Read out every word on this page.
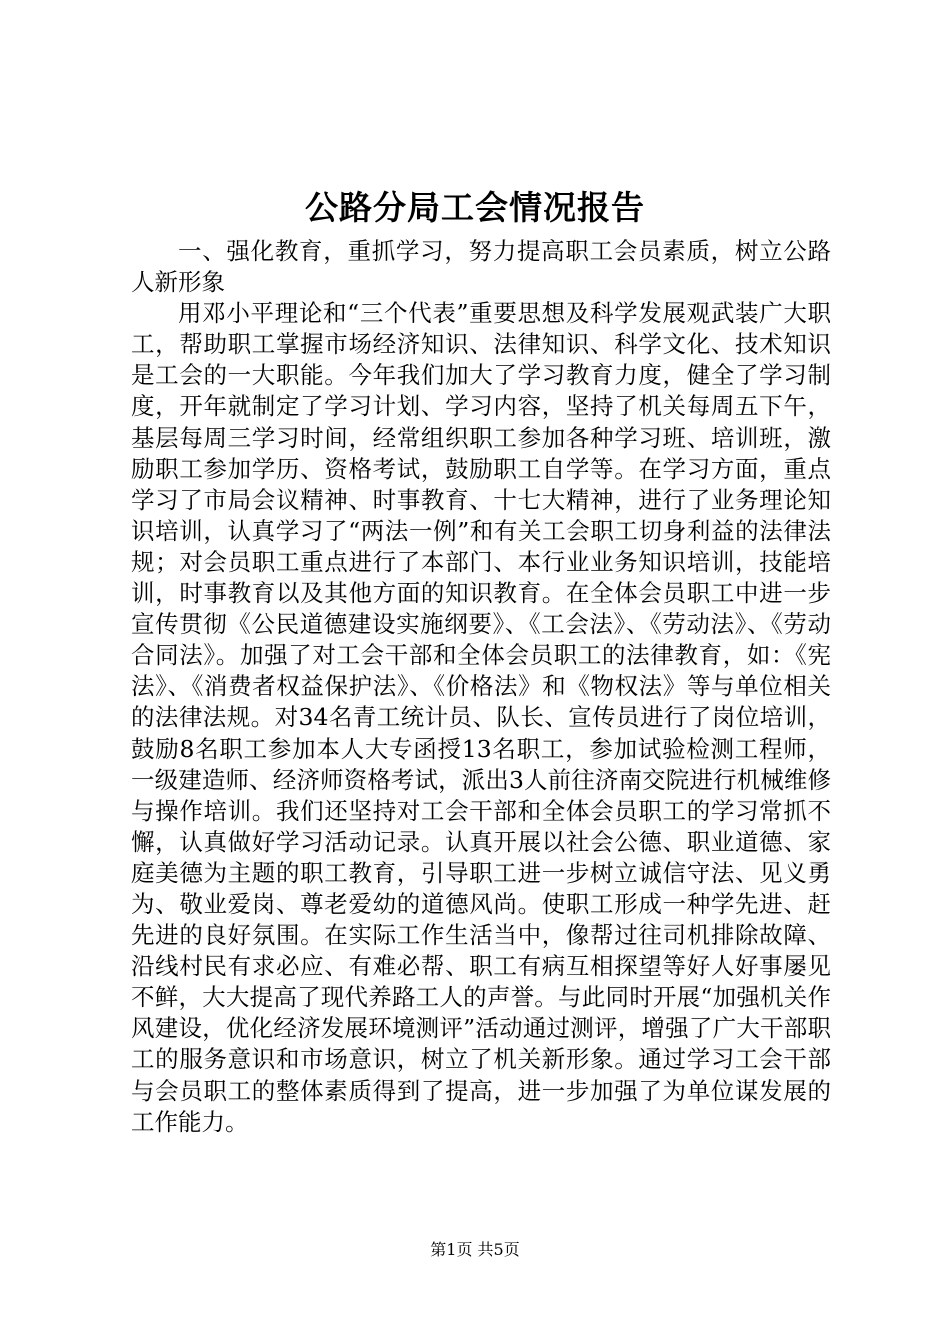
公路分局工会情况报告

一、强化教育，重抓学习，努力提高职工会员素质，树立公路人新形象

用邓小平理论和“三个代表”重要思想及科学发展观武装广大职工，帮助职工掌握市场经济知识、法律知识、科学文化、技术知识是工会的一大职能。今年我们加大了学习教育力度，健全了学习制度，开年就制定了学习计划、学习内容，坚持了机关每周五下午，基层每周三学习时间，经常组织职工参加各种学习班、培训班，激励职工参加学历、资格考试，鼓励职工自学等。在学习方面，重点学习了市局会议精神、时事教育、十七大精神，进行了业务理论知识培训，认真学习了“两法一例”和有关工会职工切身利益的法律法规；对会员职工重点进行了本部门、本行业业务知识培训，技能培训，时事教育以及其他方面的知识教育。在全体会员职工中进一步宣传贯彻《公民道德建设实施纲要》、《工会法》、《劳动法》、《劳动合同法》。加强了对工会干部和全体会员职工的法律教育，如：《宪法》、《消费者权益保护法》、《价格法》和《物权法》等与单位相关的法律法规。对34名青工统计员、队长、宣传员进行了岗位培训，鼓励8名职工参加本人大专函授13名职工，参加试验检测工程师，一级建造师、经济师资格考试，派出3人前往济南交院进行机械维修与操作培训。我们还坚持对工会干部和全体会员职工的学习常抓不懈，认真做好学习活动记录。认真开展以社会公德、职业道德、家庭美德为主题的职工教育，引导职工进一步树立诚信守法、见义勇为、敬业爱岗、尊老爱幼的道德风尚。使职工形成一种学先进、赶先进的良好氛围。在实际工作生活当中，像帮过往司机排除故障、沿线村民有求必应、有难必帮、职工有病互相探望等好人好事屡见不鲜，大大提高了现代养路工人的声誉。与此同时开展“加强机关作风建设，优化经济发展环境测评”活动通过测评，增强了广大干部职工的服务意识和市场意识，树立了机关新形象。通过学习工会干部与会员职工的整体素质得到了提高，进一步加强了为单位谋发展的工作能力。

第1页 共5页
